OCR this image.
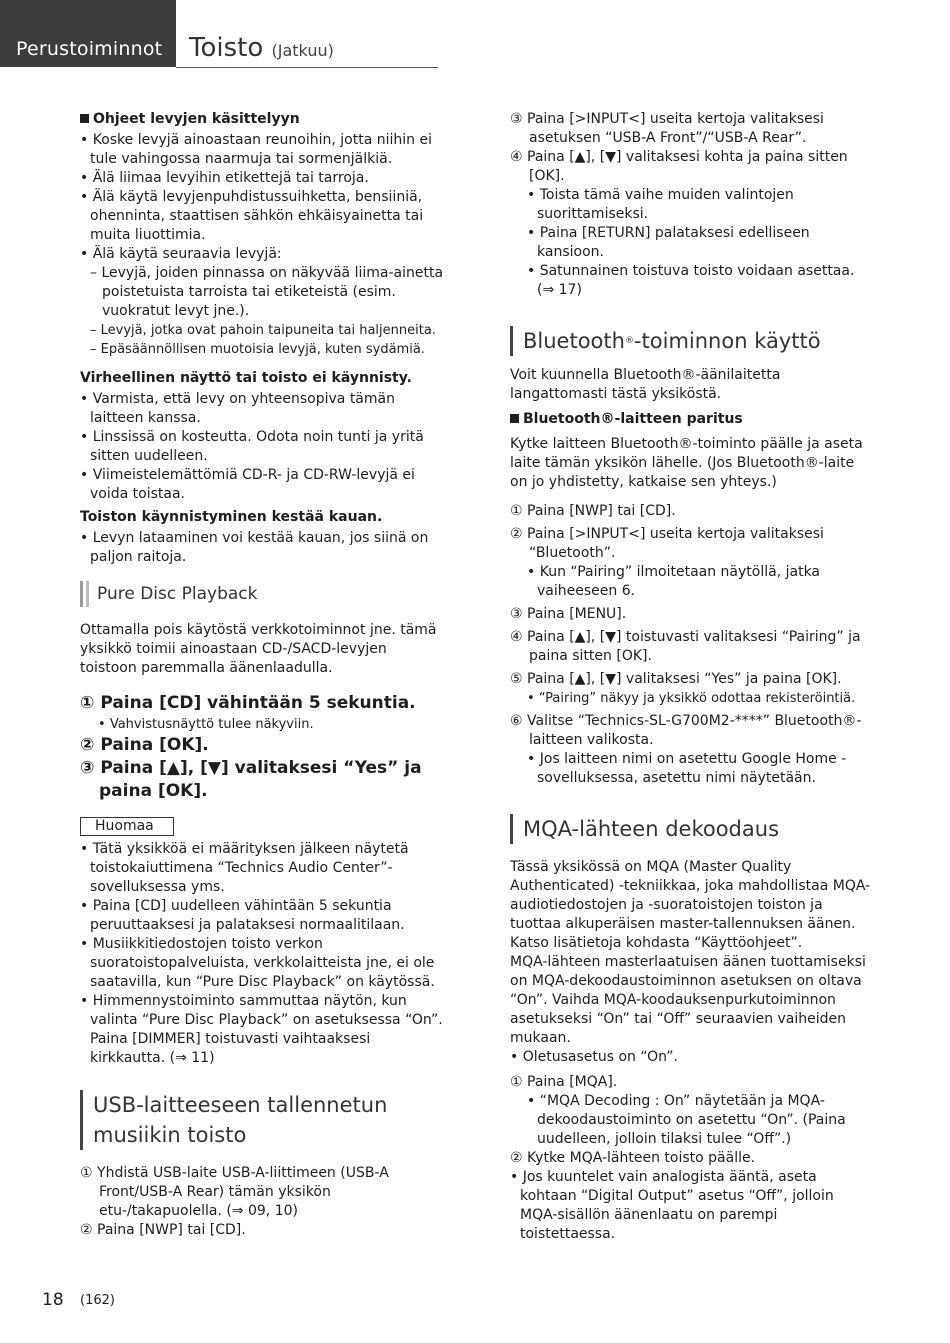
Perustoiminnot	Toisto (Jatkuu)

Ohjeet levyjen käsittelyyn

• Koske levyjä ainoastaan reunoihin, jotta niihin ei tule vahingossa naarmuja tai sormenjälkiä.

• Älä liimaa levyihin etikettejä tai tarroja.

• Älä käytä levyjenpuhdistussuihketta, bensiiniä, ohenninta, staattisen sähkön ehkäisyainetta tai muita liuottimia.

• Älä käytä seuraavia levyjä:

– Levyjä, joiden pinnassa on näkyvää liima-ainetta poistetuista tarroista tai etiketeistä (esim. vuokratut levyt jne.).

– Levyjä, jotka ovat pahoin taipuneita tai haljenneita.

– Epäsäännöllisen muotoisia levyjä, kuten sydämiä.

Virheellinen näyttö tai toisto ei käynnisty.

• Varmista, että levy on yhteensopiva tämän laitteen kanssa.

• Linssissä on kosteutta. Odota noin tunti ja yritä sitten uudelleen.

• Viimeistelemättömiä CD-R- ja CD-RW-levyjä ei voida toistaa.

Toiston käynnistyminen kestää kauan.

• Levyn lataaminen voi kestää kauan, jos siinä on paljon raitoja.

Pure Disc Playback

Ottamalla pois käytöstä verkkotoiminnot jne. tämä yksikkö toimii ainoastaan CD-/SACD-levyjen toistoon paremmalla äänenlaadulla.

① Paina [CD] vähintään 5 sekuntia.

• Vahvistusnäyttö tulee näkyviin.

② Paina [OK].

③ Paina [▲], [▼] valitaksesi “Yes” ja paina [OK].

Huomaa

• Tätä yksikköä ei määrityksen jälkeen näytetä toistokaiuttimena “Technics Audio Center”-sovelluksessa yms.

• Paina [CD] uudelleen vähintään 5 sekuntia peruuttaaksesi ja palataksesi normaalitilaan.

• Musiikkitiedostojen toisto verkon suoratoistopalveluista, verkkolaitteista jne, ei ole saatavilla, kun “Pure Disc Playback” on käytössä.

• Himmennystoiminto sammuttaa näytön, kun valinta “Pure Disc Playback” on asetuksessa “On”. Paina [DIMMER] toistuvasti vaihtaaksesi kirkkautta. (⇒ 11)

USB-laitteeseen tallennetun musiikin toisto

① Yhdistä USB-laite USB-A-liittimeen (USB-A Front/USB-A Rear) tämän yksikön etu-/takapuolella. (⇒ 09, 10)

② Paina [NWP] tai [CD].

③ Paina [>INPUT<] useita kertoja valitaksesi asetuksen “USB-A Front”/“USB-A Rear”.

④ Paina [▲], [▼] valitaksesi kohta ja paina sitten [OK].

• Toista tämä vaihe muiden valintojen suorittamiseksi.

• Paina [RETURN] palataksesi edelliseen kansioon.

• Satunnainen toistuva toisto voidaan asettaa. (⇒ 17)

Bluetooth®-toiminnon käyttö

Voit kuunnella Bluetooth®-äänilaitetta langattomasti tästä yksiköstä.

Bluetooth®-laitteen paritus

Kytke laitteen Bluetooth®-toiminto päälle ja aseta laite tämän yksikön lähelle. (Jos Bluetooth®-laite on jo yhdistetty, katkaise sen yhteys.)

① Paina [NWP] tai [CD].

② Paina [>INPUT<] useita kertoja valitaksesi “Bluetooth”.

• Kun “Pairing” ilmoitetaan näytöllä, jatka vaiheeseen 6.

③ Paina [MENU].

④ Paina [▲], [▼] toistuvasti valitaksesi “Pairing” ja paina sitten [OK].

⑤ Paina [▲], [▼] valitaksesi “Yes” ja paina [OK].

• “Pairing” näkyy ja yksikkö odottaa rekisteröintiä.

⑥ Valitse “Technics-SL-G700M2-****” Bluetooth®-laitteen valikosta.

• Jos laitteen nimi on asetettu Google Home -sovelluksessa, asetettu nimi näytetään.

MQA-lähteen dekoodaus

Tässä yksikössä on MQA (Master Quality Authenticated) -tekniikkaa, joka mahdollistaa MQA-audiotiedostojen ja -suoratoistojen toiston ja tuottaa alkuperäisen master-tallennuksen äänen. Katso lisätietoja kohdasta “Käyttöohjeet”.

MQA-lähteen masterlaatuisen äänen tuottamiseksi on MQA-dekoodaustoiminnon asetuksen on oltava “On”. Vaihda MQA-koodauksenpurkutoiminnon asetukseksi “On” tai “Off” seuraavien vaiheiden mukaan.

• Oletusasetus on “On”.

① Paina [MQA].

• “MQA Decoding : On” näytetään ja MQA-dekoodaustoiminto on asetettu “On”. (Paina uudelleen, jolloin tilaksi tulee “Off”.)

② Kytke MQA-lähteen toisto päälle.

• Jos kuuntelet vain analogista ääntä, aseta kohtaan “Digital Output” asetus “Off”, jolloin MQA-sisällön äänenlaatu on parempi toistettaessa.

18 (162)
